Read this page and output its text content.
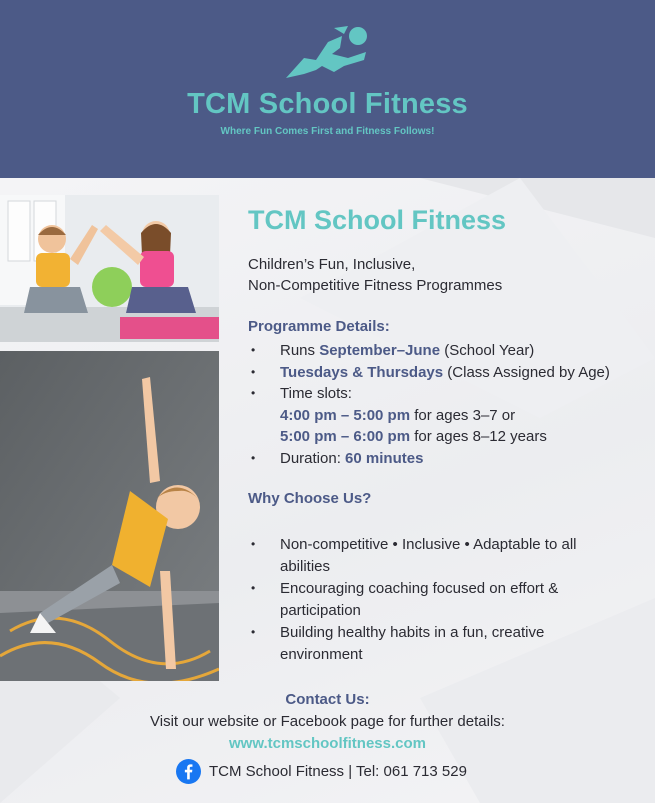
TCM School Fitness
Where Fun Comes First and Fitness Follows!
TCM School Fitness
Children’s Fun, Inclusive,
Non-Competitive Fitness Programmes
Programme Details:
• Runs September–June (School Year)
• Tuesdays & Thursdays (Class Assigned by Age)
• Time slots:
4:00 pm – 5:00 pm for ages 3–7 or
5:00 pm – 6:00 pm for ages 8–12 years
• Duration: 60 minutes
Why Choose Us?
• Non-competitive • Inclusive • Adaptable to all abilities
• Encouraging coaching focused on effort & participation
• Building healthy habits in a fun, creative environment
Contact Us:
Visit our website or Facebook page for further details:
www.tcmschoolfitness.com
TCM School Fitness | Tel: 061 713 529
